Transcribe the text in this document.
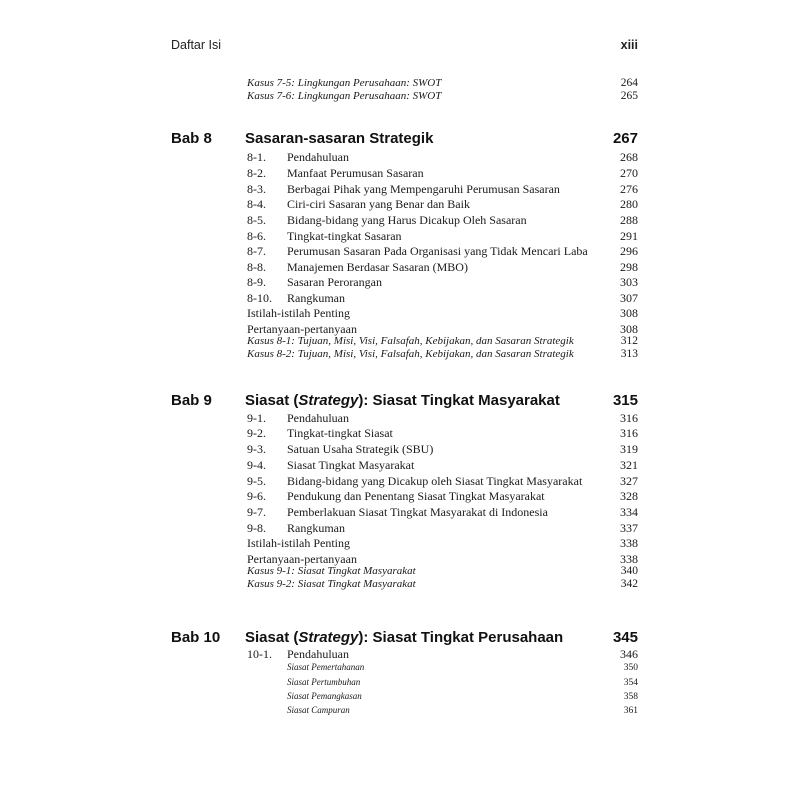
Daftar Isi	xiii
Kasus 7-5: Lingkungan Perusahaan: SWOT	264
Kasus 7-6: Lingkungan Perusahaan: SWOT	265
Bab 8 Sasaran-sasaran Strategik	267
8-1. Pendahuluan	268
8-2. Manfaat Perumusan Sasaran	270
8-3. Berbagai Pihak yang Mempengaruhi Perumusan Sasaran	276
8-4. Ciri-ciri Sasaran yang Benar dan Baik	280
8-5. Bidang-bidang yang Harus Dicakup Oleh Sasaran	288
8-6. Tingkat-tingkat Sasaran	291
8-7. Perumusan Sasaran Pada Organisasi yang Tidak Mencari Laba	296
8-8. Manajemen Berdasar Sasaran (MBO)	298
8-9. Sasaran Perorangan	303
8-10. Rangkuman	307
Istilah-istilah Penting	308
Pertanyaan-pertanyaan	308
Kasus 8-1: Tujuan, Misi, Visi, Falsafah, Kebijakan, dan Sasaran Strategik	312
Kasus 8-2: Tujuan, Misi, Visi, Falsafah, Kebijakan, dan Sasaran Strategik	313
Bab 9 Siasat (Strategy): Siasat Tingkat Masyarakat	315
9-1. Pendahuluan	316
9-2. Tingkat-tingkat Siasat	316
9-3. Satuan Usaha Strategik (SBU)	319
9-4. Siasat Tingkat Masyarakat	321
9-5. Bidang-bidang yang Dicakup oleh Siasat Tingkat Masyarakat	327
9-6. Pendukung dan Penentang Siasat Tingkat Masyarakat	328
9-7. Pemberlakuan Siasat Tingkat Masyarakat di Indonesia	334
9-8. Rangkuman	337
Istilah-istilah Penting	338
Pertanyaan-pertanyaan	338
Kasus 9-1: Siasat Tingkat Masyarakat	340
Kasus 9-2: Siasat Tingkat Masyarakat	342
Bab 10 Siasat (Strategy): Siasat Tingkat Perusahaan	345
10-1. Pendahuluan	346
Siasat Pemertahanan	350
Siasat Pertumbuhan	354
Siasat Pemangkasan	358
Siasat Campuran	361
